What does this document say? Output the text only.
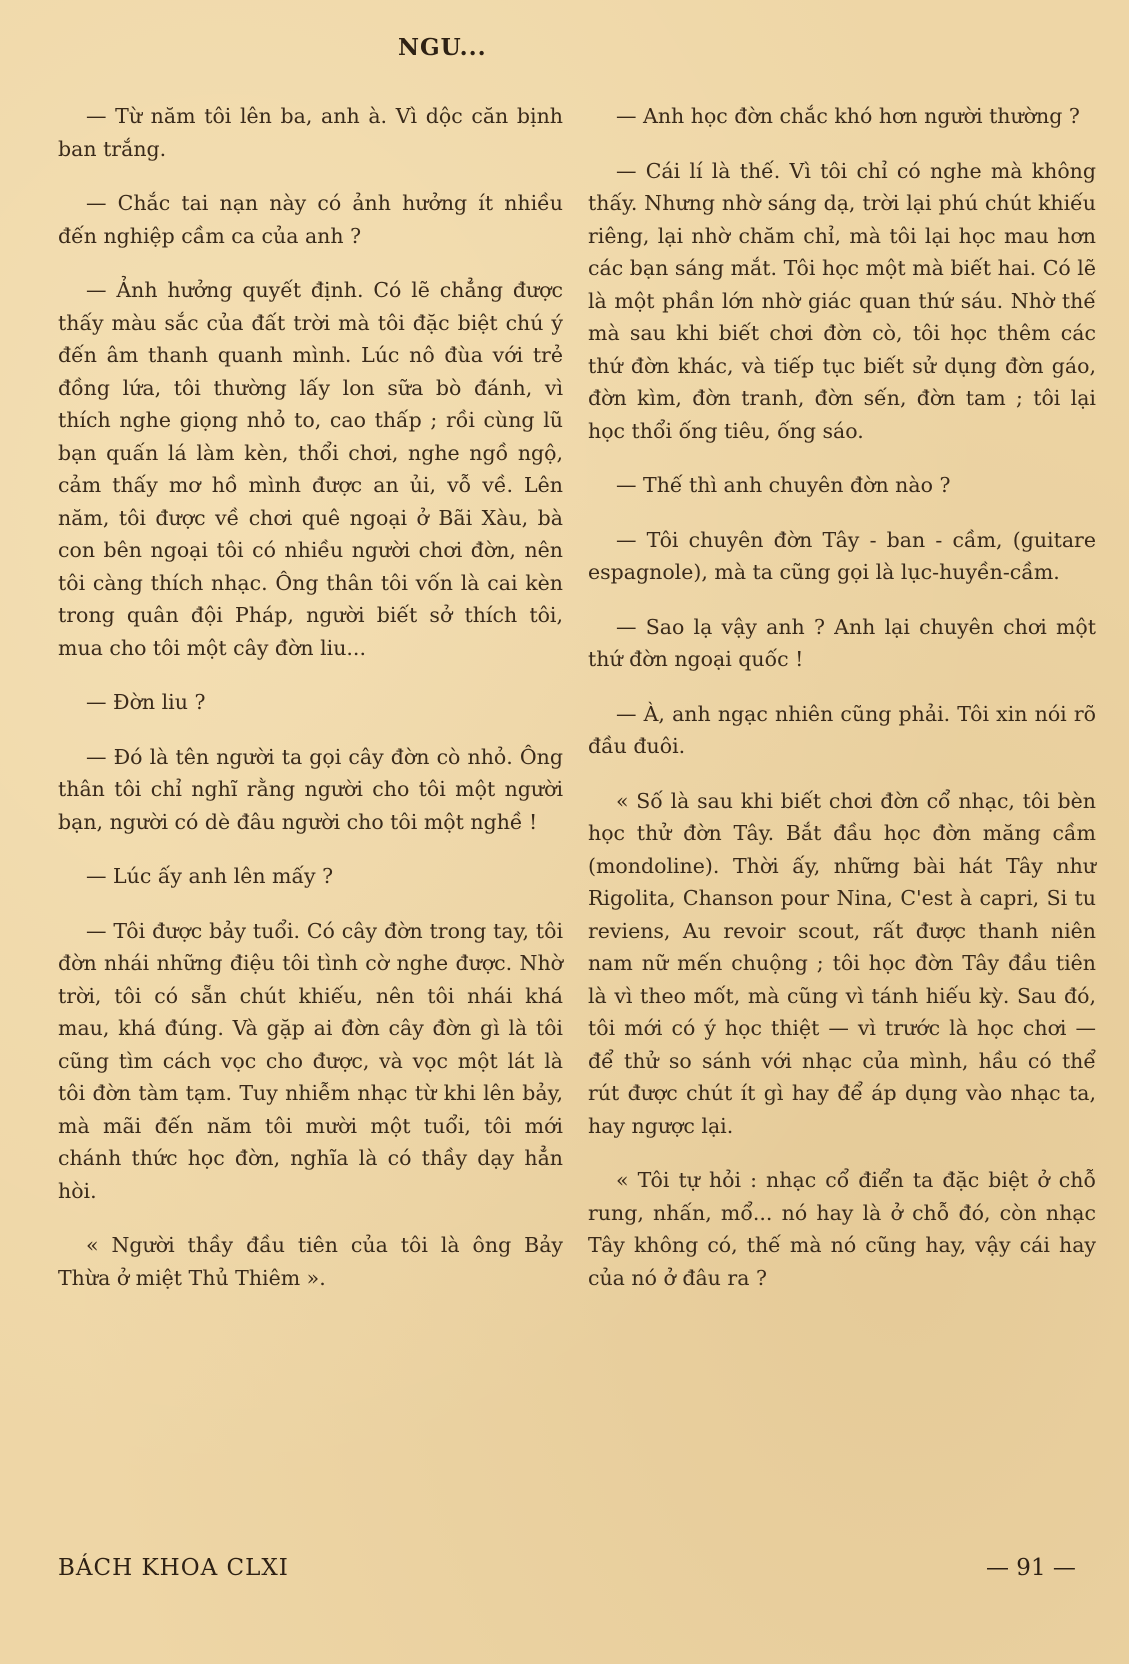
NGU...

— Từ năm tôi lên ba, anh à. Vì dộc căn bịnh ban trắng.

— Chắc tai nạn này có ảnh hưởng ít nhiều đến nghiệp cầm ca của anh ?

— Ảnh hưởng quyết định. Có lẽ chẳng được thấy màu sắc của đất trời mà tôi đặc biệt chú ý đến âm thanh quanh mình. Lúc nô đùa với trẻ đồng lứa, tôi thường lấy lon sữa bò đánh, vì thích nghe giọng nhỏ to, cao thấp ; rồi cùng lũ bạn quấn lá làm kèn, thổi chơi, nghe ngồ ngộ, cảm thấy mơ hồ mình được an ủi, vỗ về. Lên năm, tôi được về chơi quê ngoại ở Bãi Xàu, bà con bên ngoại tôi có nhiều người chơi đờn, nên tôi càng thích nhạc. Ông thân tôi vốn là cai kèn trong quân đội Pháp, người biết sở thích tôi, mua cho tôi một cây đờn liu...

— Đờn liu ?

— Đó là tên người ta gọi cây đờn cò nhỏ. Ông thân tôi chỉ nghĩ rằng người cho tôi một người bạn, người có dè đâu người cho tôi một nghề !

— Lúc ấy anh lên mấy ?

— Tôi được bảy tuổi. Có cây đờn trong tay, tôi đờn nhái những điệu tôi tình cờ nghe được. Nhờ trời, tôi có sẵn chút khiếu, nên tôi nhái khá mau, khá đúng. Và gặp ai đờn cây đờn gì là tôi cũng tìm cách vọc cho được, và vọc một lát là tôi đờn tàm tạm. Tuy nhiễm nhạc từ khi lên bảy, mà mãi đến năm tôi mười một tuổi, tôi mới chánh thức học đờn, nghĩa là có thầy dạy hẳn hòi.

« Người thầy đầu tiên của tôi là ông Bảy Thừa ở miệt Thủ Thiêm ».

— Anh học đờn chắc khó hơn người thường ?

— Cái lí là thế. Vì tôi chỉ có nghe mà không thấy. Nhưng nhờ sáng dạ, trời lại phú chút khiếu riêng, lại nhờ chăm chỉ, mà tôi lại học mau hơn các bạn sáng mắt. Tôi học một mà biết hai. Có lẽ là một phần lớn nhờ giác quan thứ sáu. Nhờ thế mà sau khi biết chơi đờn cò, tôi học thêm các thứ đờn khác, và tiếp tục biết sử dụng đờn gáo, đờn kìm, đờn tranh, đờn sến, đờn tam ; tôi lại học thổi ống tiêu, ống sáo.

— Thế thì anh chuyên đờn nào ?

— Tôi chuyên đờn Tây - ban - cầm, (guitare espagnole), mà ta cũng gọi là lục-huyền-cầm.

— Sao lạ vậy anh ? Anh lại chuyên chơi một thứ đờn ngoại quốc !

— À, anh ngạc nhiên cũng phải. Tôi xin nói rõ đầu đuôi.

« Số là sau khi biết chơi đờn cổ nhạc, tôi bèn học thử đờn Tây. Bắt đầu học đờn măng cầm (mondoline). Thời ấy, những bài hát Tây như Rigolita, Chanson pour Nina, C'est à capri, Si tu reviens, Au revoir scout, rất được thanh niên nam nữ mến chuộng ; tôi học đờn Tây đầu tiên là vì theo mốt, mà cũng vì tánh hiếu kỳ. Sau đó, tôi mới có ý học thiệt — vì trước là học chơi — để thử so sánh với nhạc của mình, hầu có thể rút được chút ít gì hay để áp dụng vào nhạc ta, hay ngược lại.

« Tôi tự hỏi : nhạc cổ điển ta đặc biệt ở chỗ rung, nhấn, mổ... nó hay là ở chỗ đó, còn nhạc Tây không có, thế mà nó cũng hay, vậy cái hay của nó ở đâu ra ?

BÁCH KHOA CLXI	— 91 —
